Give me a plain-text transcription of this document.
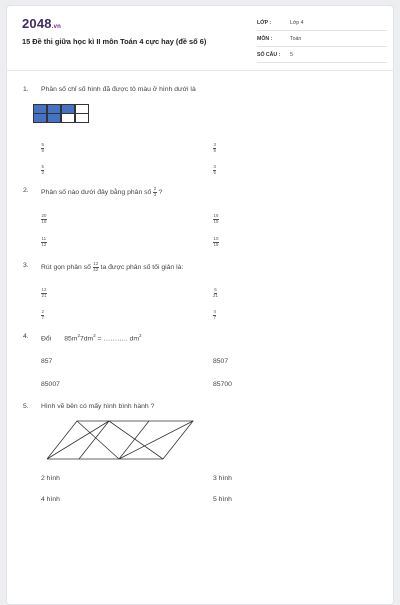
2048.vn
15 Đề thi giữa học kì II môn Toán 4 cực hay (đề số 6)
LỚP :	Lớp 4
MÔN :	Toán
SỐ CÂU : 5
1. Phân số chỉ số hình đã được tô màu ở hình dưới là
$\frac{5}{8}$	$\frac{3}{8}$
$\frac{5}{3}$	$\frac{3}{5}$
2. Phân số nào dưới đây bằng phân số $\frac{2}{3}$ ?
$\frac{20}{18}$	$\frac{16}{15}$
$\frac{11}{12}$	$\frac{10}{15}$
3. Rút gọn phân số $\frac{12}{42}$ ta được phân số tối giản là:
$\frac{12}{21}$	$\frac{6}{21}$
$\frac{2}{7}$	$\frac{4}{7}$
4. Đổi $85m^27dm^2$ = ……….. $dm^2$
857	8507
85007	85700
5. Hình vẽ bên có mấy hình bình hành ?
2 hình	3 hình
4 hình	5 hình
